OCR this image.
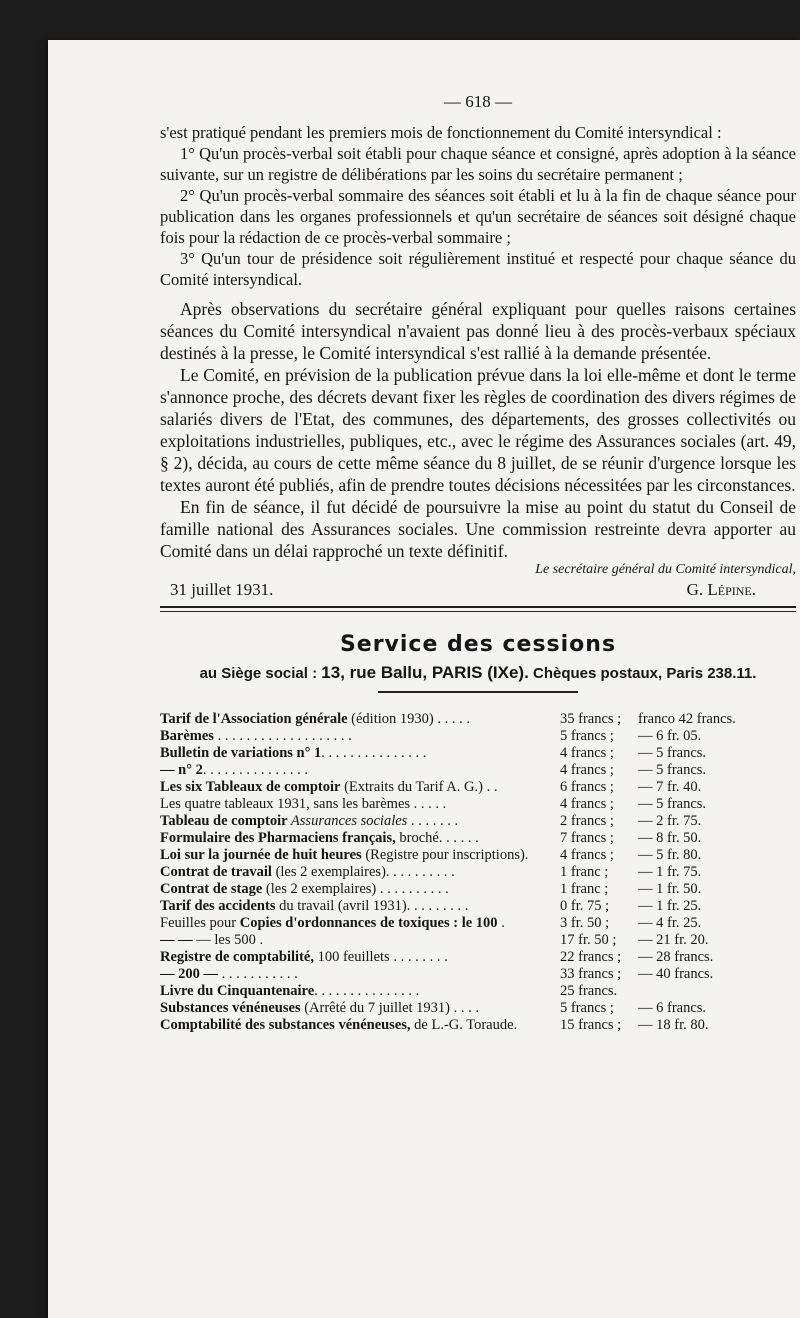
— 618 —

s'est pratiqué pendant les premiers mois de fonctionnement du Comité intersyndical :

1° Qu'un procès-verbal soit établi pour chaque séance et consigné, après adoption à la séance suivante, sur un registre de délibérations par les soins du secrétaire permanent ;

2° Qu'un procès-verbal sommaire des séances soit établi et lu à la fin de chaque séance pour publication dans les organes professionnels et qu'un secrétaire de séances soit désigné chaque fois pour la rédaction de ce procès-verbal sommaire ;

3° Qu'un tour de présidence soit régulièrement institué et respecté pour chaque séance du Comité intersyndical.

Après observations du secrétaire général expliquant pour quelles raisons certaines séances du Comité intersyndical n'avaient pas donné lieu à des procès-verbaux spéciaux destinés à la presse, le Comité intersyndical s'est rallié à la demande présentée.

Le Comité, en prévision de la publication prévue dans la loi elle-même et dont le terme s'annonce proche, des décrets devant fixer les règles de coordination des divers régimes de salariés divers de l'Etat, des communes, des départements, des grosses collectivités ou exploitations industrielles, publiques, etc., avec le régime des Assurances sociales (art. 49, § 2), décida, au cours de cette même séance du 8 juillet, de se réunir d'urgence lorsque les textes auront été publiés, afin de prendre toutes décisions nécessitées par les circonstances.

En fin de séance, il fut décidé de poursuivre la mise au point du statut du Conseil de famille national des Assurances sociales. Une commission restreinte devra apporter au Comité dans un délai rapproché un texte définitif.

Le secrétaire général du Comité intersyndical,
31 juillet 1931.	G. Lépine.
Service des cessions
au Siège social : 13, rue Ballu, PARIS (IXe). Chèques postaux, Paris 238.11.
Tarif de l'Association générale (édition 1930) . . . . .	35 francs ;	franco 42 francs.
Barèmes . . . . . . . . . . . . . . . . . . .	5 francs ;	— 6 fr. 05.
Bulletin de variations n° 1. . . . . . . . . . . . . . .	4 francs ;	— 5 francs.
— n° 2. . . . . . . . . . . . . . .	4 francs ;	— 5 francs.
Les six Tableaux de comptoir (Extraits du Tarif A. G.) . .	6 francs ;	— 7 fr. 40.
Les quatre tableaux 1931, sans les barèmes . . . . .	4 francs ;	— 5 francs.
Tableau de comptoir Assurances sociales . . . . . . .	2 francs ;	— 2 fr. 75.
Formulaire des Pharmaciens français, broché. . . . . .	7 francs ;	— 8 fr. 50.
Loi sur la journée de huit heures (Registre pour inscriptions).	4 francs ;	— 5 fr. 80.
Contrat de travail (les 2 exemplaires). . . . . . . . . .	1 franc ;	— 1 fr. 75.
Contrat de stage (les 2 exemplaires) . . . . . . . . . .	1 franc ;	— 1 fr. 50.
Tarif des accidents du travail (avril 1931). . . . . . . . .	0 fr. 75 ;	— 1 fr. 25.
Feuilles pour Copies d'ordonnances de toxiques : le 100 .	3 fr. 50 ;	— 4 fr. 25.
— — — les 500 .	17 fr. 50 ;	— 21 fr. 20.
Registre de comptabilité, 100 feuillets . . . . . . . .	22 francs ;	— 28 francs.
— 200 — . . . . . . . . . . .	33 francs ;	— 40 francs.
Livre du Cinquantenaire. . . . . . . . . . . . . . .	25 francs.	
Substances vénéneuses (Arrêté du 7 juillet 1931) . . . .	5 francs ;	— 6 francs.
Comptabilité des substances vénéneuses, de L.-G. Toraude.	15 francs ;	— 18 fr. 80.
